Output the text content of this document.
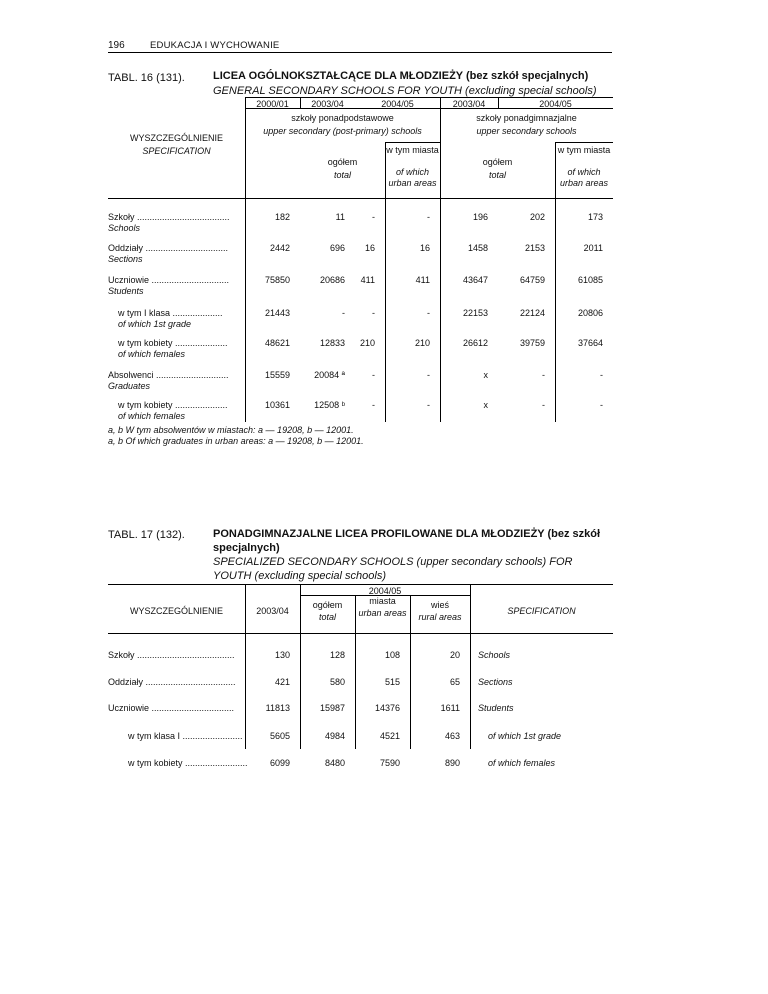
196	EDUKACJA I WYCHOWANIE
TABL. 16 (131).	LICEA OGÓLNOKSZTAŁCĄCE DLA MŁODZIEŻY (bez szkół specjalnych)
GENERAL SECONDARY SCHOOLS FOR YOUTH (excluding special schools)
2000/01	2003/04	2004/05	2003/04	2004/05
szkoły ponadpodstawowe
upper secondary (post-primary) schools
szkoły ponadgimnazjalne
upper secondary schools
WYSZCZEGÓLNIENIE
SPECIFICATION
ogółem
total
w tym miasta
of which urban areas
ogółem
total
w tym miasta
of which urban areas
Szkoły .....................................
Schools
182	11	-	-	196	202	173
Oddziały .................................
Sections
2442	696	16	16	1458	2153	2011
Uczniowie ...............................
Students
75850	20686	411	411	43647	64759	61085
w tym I klasa ....................
of which 1st grade
21443	-	-	-	22153	22124	20806
w tym kobiety .....................
of which females
48621	12833	210	210	26612	39759	37664
Absolwenci .............................
Graduates
15559	20084 ª	-	-	x	-	-
w tym kobiety .....................
of which females
10361	12508 ᵇ	-	-	x	-	-
a, b W tym absolwentów w miastach: a — 19208, b — 12001.
a, b Of which graduates in urban areas: a — 19208, b — 12001.
TABL. 17 (132).	PONADGIMNAZJALNE LICEA PROFILOWANE DLA MŁODZIEŻY (bez szkół specjalnych)
SPECIALIZED SECONDARY SCHOOLS (upper secondary schools) FOR YOUTH (excluding special schools)
2004/05
WYSZCZEGÓLNIENIE	2003/04
ogółem
total
miasta
urban areas
wieś
rural areas
SPECIFICATION
Szkoły .......................................	130	128	108	20 Schools
Oddziały ....................................	421	580	515	65 Sections
Uczniowie .................................	11813	15987	14376	1611 Students
w tym klasa I ........................	5605	4984	4521	463	of which 1st grade
w tym kobiety .........................	6099	8480	7590	890	of which females
